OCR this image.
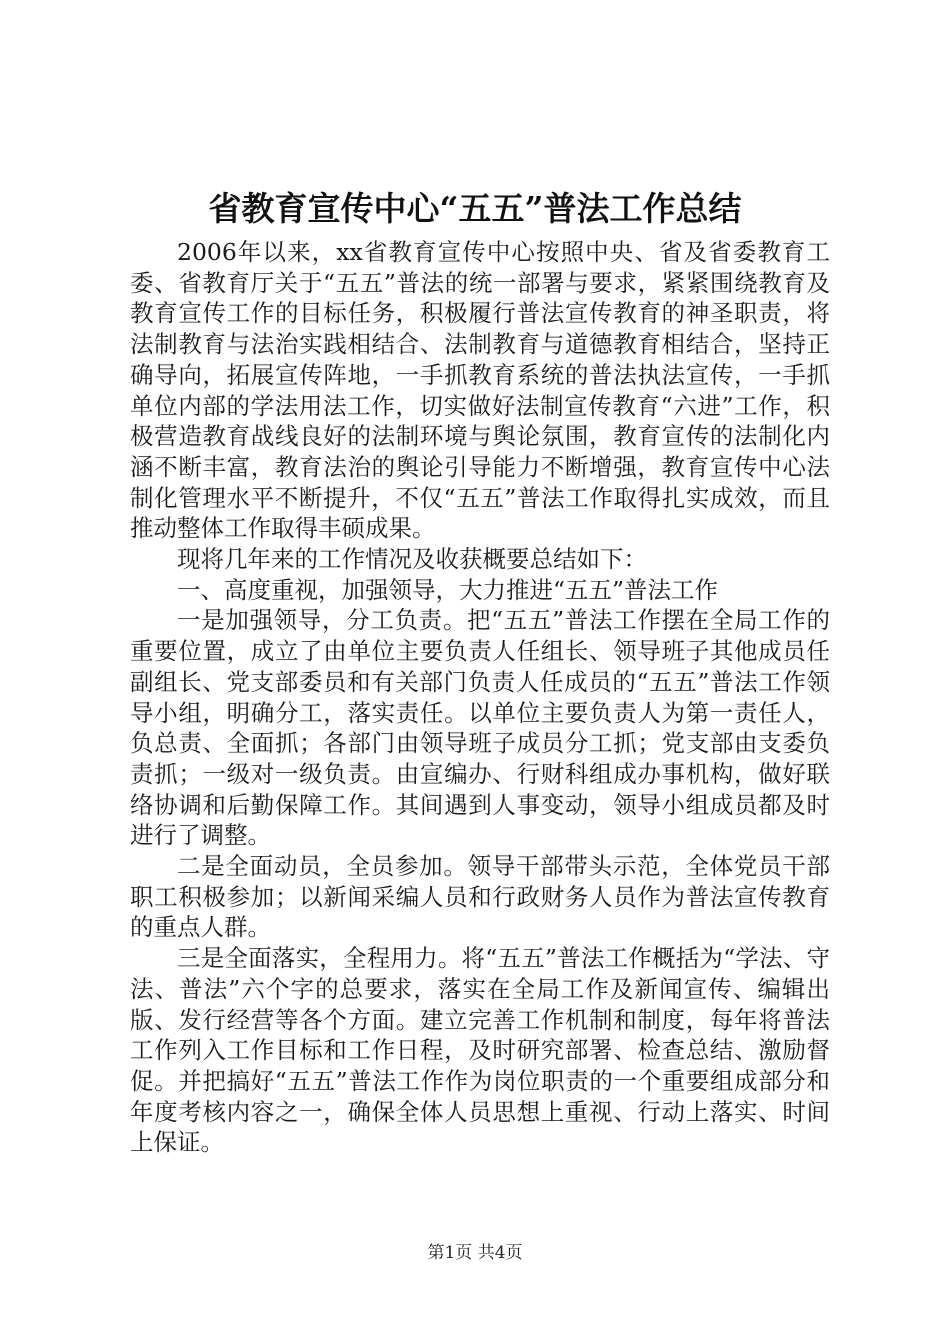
省教育宣传中心“五五”普法工作总结

2006年以来，xx省教育宣传中心按照中央、省及省委教育工委、省教育厅关于“五五”普法的统一部署与要求，紧紧围绕教育及教育宣传工作的目标任务，积极履行普法宣传教育的神圣职责，将法制教育与法治实践相结合、法制教育与道德教育相结合，坚持正确导向，拓展宣传阵地，一手抓教育系统的普法执法宣传，一手抓单位内部的学法用法工作，切实做好法制宣传教育“六进”工作，积极营造教育战线良好的法制环境与舆论氛围，教育宣传的法制化内涵不断丰富，教育法治的舆论引导能力不断增强，教育宣传中心法制化管理水平不断提升，不仅“五五”普法工作取得扎实成效，而且推动整体工作取得丰硕成果。

现将几年来的工作情况及收获概要总结如下：

一、高度重视，加强领导，大力推进“五五”普法工作

一是加强领导，分工负责。把“五五”普法工作摆在全局工作的重要位置，成立了由单位主要负责人任组长、领导班子其他成员任副组长、党支部委员和有关部门负责人任成员的“五五”普法工作领导小组，明确分工，落实责任。以单位主要负责人为第一责任人，负总责、全面抓；各部门由领导班子成员分工抓；党支部由支委负责抓；一级对一级负责。由宣编办、行财科组成办事机构，做好联络协调和后勤保障工作。其间遇到人事变动，领导小组成员都及时进行了调整。

二是全面动员，全员参加。领导干部带头示范，全体党员干部职工积极参加；以新闻采编人员和行政财务人员作为普法宣传教育的重点人群。

三是全面落实，全程用力。将“五五”普法工作概括为“学法、守法、普法”六个字的总要求，落实在全局工作及新闻宣传、编辑出版、发行经营等各个方面。建立完善工作机制和制度，每年将普法工作列入工作目标和工作日程，及时研究部署、检查总结、激励督促。并把搞好“五五”普法工作作为岗位职责的一个重要组成部分和年度考核内容之一，确保全体人员思想上重视、行动上落实、时间上保证。

第1页 共4页
